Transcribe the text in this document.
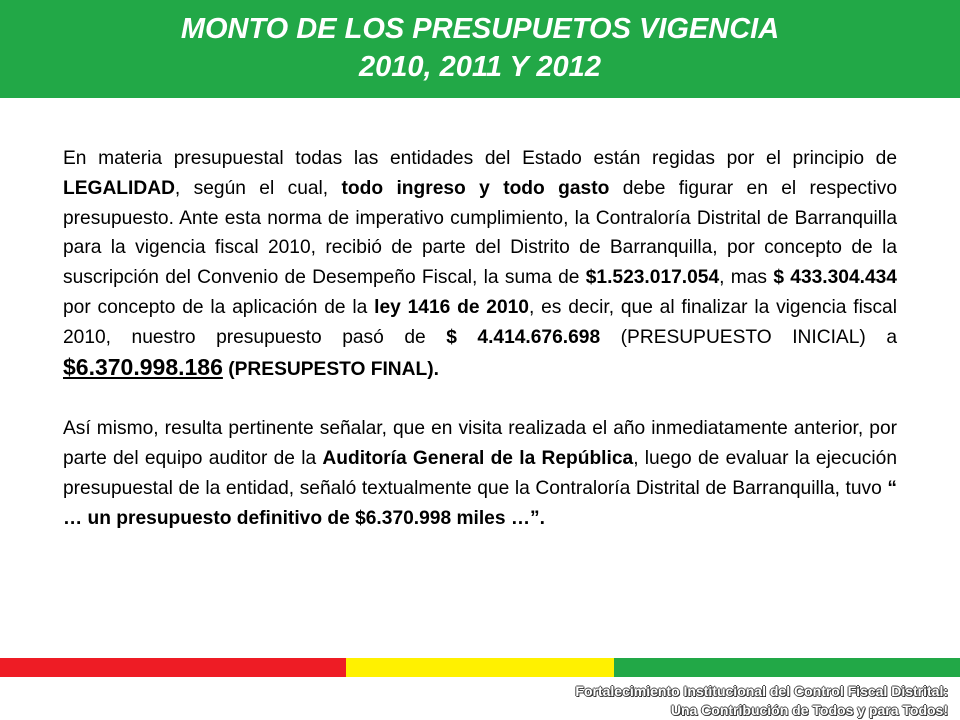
MONTO DE LOS PRESUPUETOS VIGENCIA
2010, 2011 Y 2012

En materia presupuestal todas las entidades del Estado están regidas por el principio de LEGALIDAD, según el cual, todo ingreso y todo gasto debe figurar en el respectivo presupuesto. Ante esta norma de imperativo cumplimiento, la Contraloría Distrital de Barranquilla para la vigencia fiscal 2010, recibió de parte del Distrito de Barranquilla, por concepto de la suscripción del Convenio de Desempeño Fiscal, la suma de $1.523.017.054, mas $ 433.304.434 por concepto de la aplicación de la ley 1416 de 2010, es decir, que al finalizar la vigencia fiscal 2010, nuestro presupuesto pasó de $ 4.414.676.698 (PRESUPUESTO INICIAL) a $6.370.998.186 (PRESUPESTO FINAL).

Así mismo, resulta pertinente señalar, que en visita realizada el año inmediatamente anterior, por parte del equipo auditor de la Auditoría General de la República, luego de evaluar la ejecución presupuestal de la entidad, señaló textualmente que la Contraloría Distrital de Barranquilla, tuvo “ … un presupuesto definitivo de $6.370.998 miles …”.

Fortalecimiento Institucional del Control Fiscal Distrital:
Una Contribución de Todos y para Todos!
